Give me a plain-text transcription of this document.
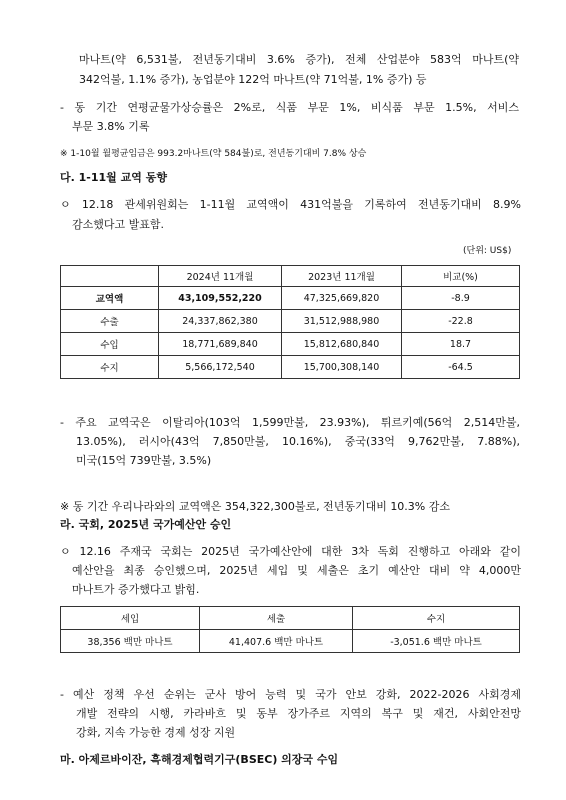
마나트(약 6,531불, 전년동기대비 3.6% 증가), 전체 산업분야 583억 마나트(약
342억불, 1.1% 증가), 농업분야 122억 마나트(약 71억불, 1% 증가) 등
- 동 기간 연평균물가상승률은 2%로, 식품 부문 1%, 비식품 부문 1.5%, 서비스
부문 3.8% 기록
※ 1-10월 월평균임금은 993.2마나트(약 584불)로, 전년동기대비 7.8% 상승
다. 1-11월 교역 동향
ㅇ 12.18 관세위원회는 1-11월 교역액이 431억불을 기록하여 전년동기대비 8.9%
감소했다고 발표함.
(단위: US$)
	2024년 11개월	2023년 11개월	비교(%)
교역액	43,109,552,220	47,325,669,820	-8.9
수출	24,337,862,380	31,512,988,980	-22.8
수입	18,771,689,840	15,812,680,840	18.7
수지	5,566,172,540	15,700,308,140	-64.5
- 주요 교역국은 이탈리아(103억 1,599만불, 23.93%), 튀르키예(56억 2,514만불,
13.05%), 러시아(43억 7,850만불, 10.16%), 중국(33억 9,762만불, 7.88%),
미국(15억 739만불, 3.5%)
※ 동 기간 우리나라와의 교역액은 354,322,300불로, 전년동기대비 10.3% 감소
라. 국회, 2025년 국가예산안 승인
ㅇ 12.16 주재국 국회는 2025년 국가예산안에 대한 3차 독회 진행하고 아래와 같이
예산안을 최종 승인했으며, 2025년 세입 및 세출은 초기 예산안 대비 약 4,000만
마나트가 증가했다고 밝힘.
세입	세출	수지
38,356 백만 마나트	41,407.6 백만 마나트	-3,051.6 백만 마나트
- 예산 정책 우선 순위는 군사 방어 능력 및 국가 안보 강화, 2022-2026 사회경제
개발 전략의 시행, 카라바흐 및 동부 장가주르 지역의 복구 및 재건, 사회안전망
강화, 지속 가능한 경제 성장 지원
마. 아제르바이잔, 흑해경제협력기구(BSEC) 의장국 수임
